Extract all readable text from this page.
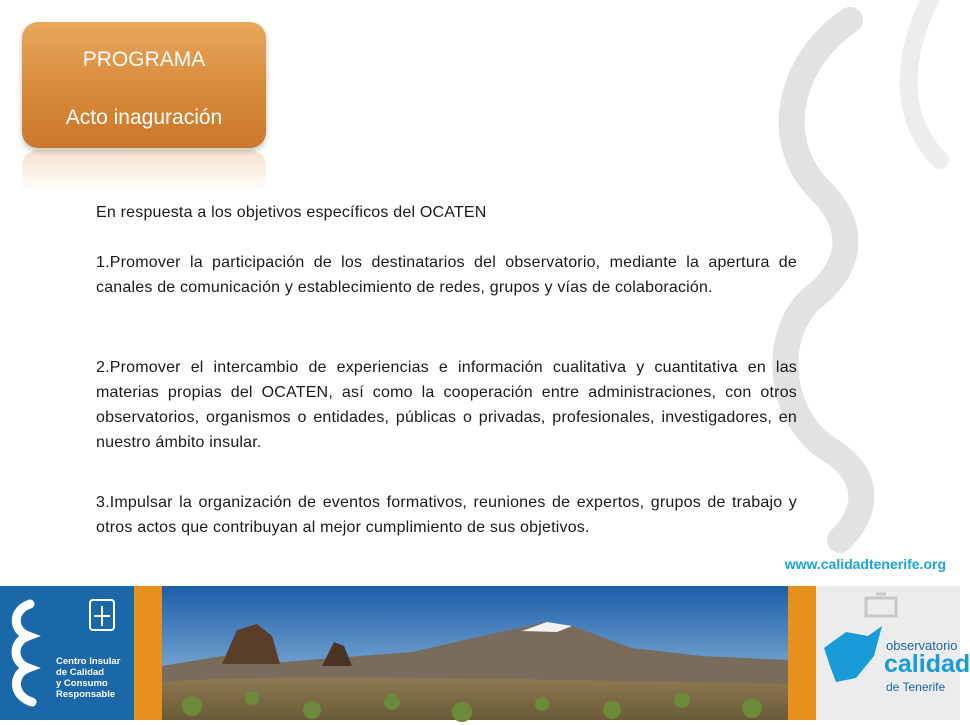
PROGRAMA
Acto inaguración

En respuesta a los objetivos específicos del OCATEN

1.Promover la participación de los destinatarios del observatorio, mediante la apertura de canales de comunicación y establecimiento de redes, grupos y vías de colaboración.

2.Promover el intercambio de experiencias e información cualitativa y cuantitativa en las materias propias del OCATEN, así como la cooperación entre administraciones, con otros observatorios, organismos o entidades, públicas o privadas, profesionales, investigadores, en nuestro ámbito insular.

3.Impulsar la organización de eventos formativos, reuniones de expertos, grupos de trabajo y otros actos que contribuyan al mejor cumplimiento de sus objetivos.

www.calidadtenerife.org
Centro Insular
de Calidad
y Consumo
Responsable
observatorio
calidad
de Tenerife
